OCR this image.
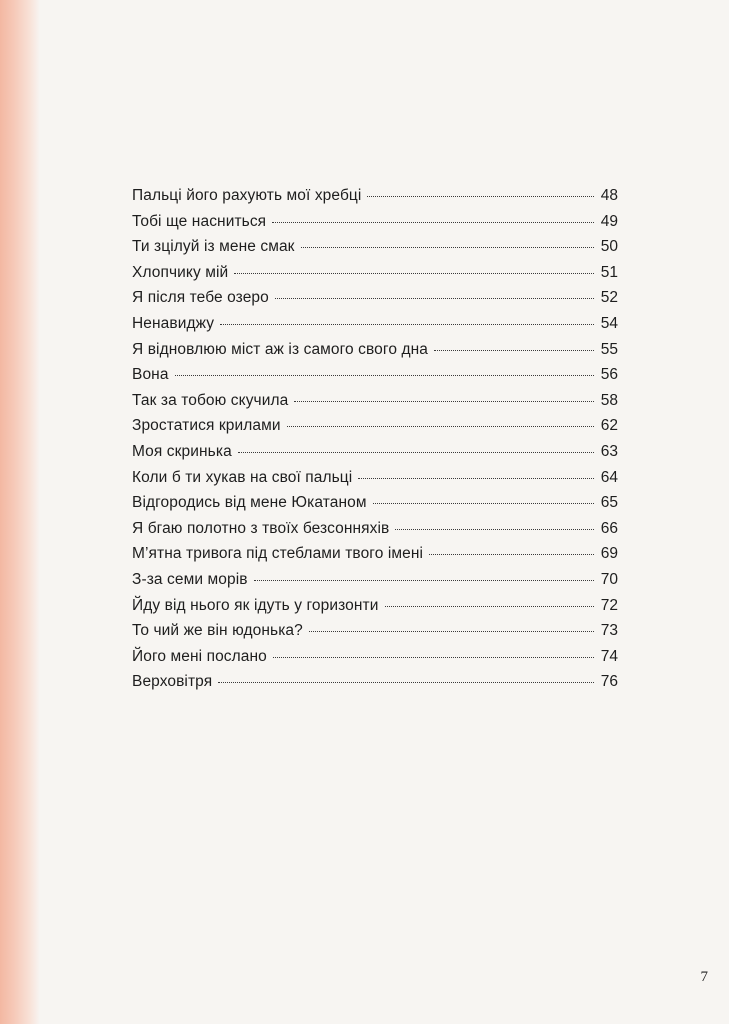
Пальці його рахують мої хребці	48
Тобі ще насниться	49
Ти зцілуй із мене смак	50
Хлопчику мій	51
Я після тебе озеро	52
Ненавиджу	54
Я відновлюю міст аж із самого свого дна	55
Вона	56
Так за тобою скучила	58
Зростатися крилами	62
Моя скринька	63
Коли б ти хукав на свої пальці	64
Відгородись від мене Юкатаном	65
Я бгаю полотно з твоїх безсонняхів	66
М’ятна тривога під стеблами твого імені	69
З-за семи морів	70
Йду від нього як ідуть у горизонти	72
То чий же він юдонька?	73
Його мені послано	74
Верховітря	76
7
